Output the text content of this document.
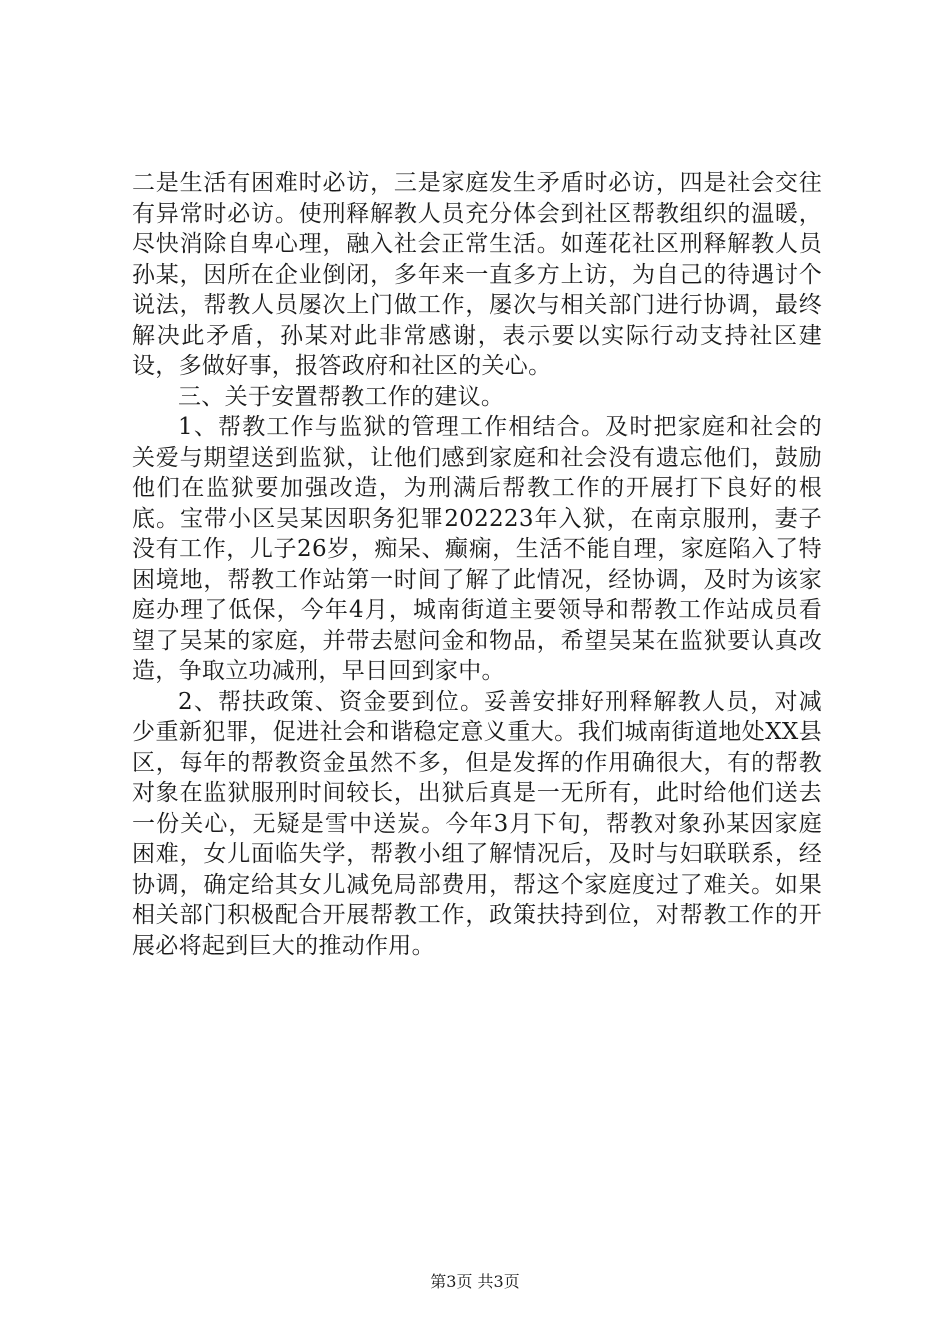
二是生活有困难时必访，三是家庭发生矛盾时必访，四是社会交往有异常时必访。使刑释解教人员充分体会到社区帮教组织的温暖，尽快消除自卑心理，融入社会正常生活。如莲花社区刑释解教人员孙某，因所在企业倒闭，多年来一直多方上访，为自己的待遇讨个说法，帮教人员屡次上门做工作，屡次与相关部门进行协调，最终解决此矛盾，孙某对此非常感谢，表示要以实际行动支持社区建设，多做好事，报答政府和社区的关心。

三、关于安置帮教工作的建议。

1、帮教工作与监狱的管理工作相结合。及时把家庭和社会的关爱与期望送到监狱，让他们感到家庭和社会没有遗忘他们，鼓励他们在监狱要加强改造，为刑满后帮教工作的开展打下良好的根底。宝带小区吴某因职务犯罪202223年入狱，在南京服刑，妻子没有工作，儿子26岁，痴呆、癫痫，生活不能自理，家庭陷入了特困境地，帮教工作站第一时间了解了此情况，经协调，及时为该家庭办理了低保，今年4月，城南街道主要领导和帮教工作站成员看望了吴某的家庭，并带去慰问金和物品，希望吴某在监狱要认真改造，争取立功减刑，早日回到家中。

2、帮扶政策、资金要到位。妥善安排好刑释解教人员，对减少重新犯罪，促进社会和谐稳定意义重大。我们城南街道地处XX县区，每年的帮教资金虽然不多，但是发挥的作用确很大，有的帮教对象在监狱服刑时间较长，出狱后真是一无所有，此时给他们送去一份关心，无疑是雪中送炭。今年3月下旬，帮教对象孙某因家庭困难，女儿面临失学，帮教小组了解情况后，及时与妇联联系，经协调，确定给其女儿减免局部费用，帮这个家庭度过了难关。如果相关部门积极配合开展帮教工作，政策扶持到位，对帮教工作的开展必将起到巨大的推动作用。

第3页 共3页
